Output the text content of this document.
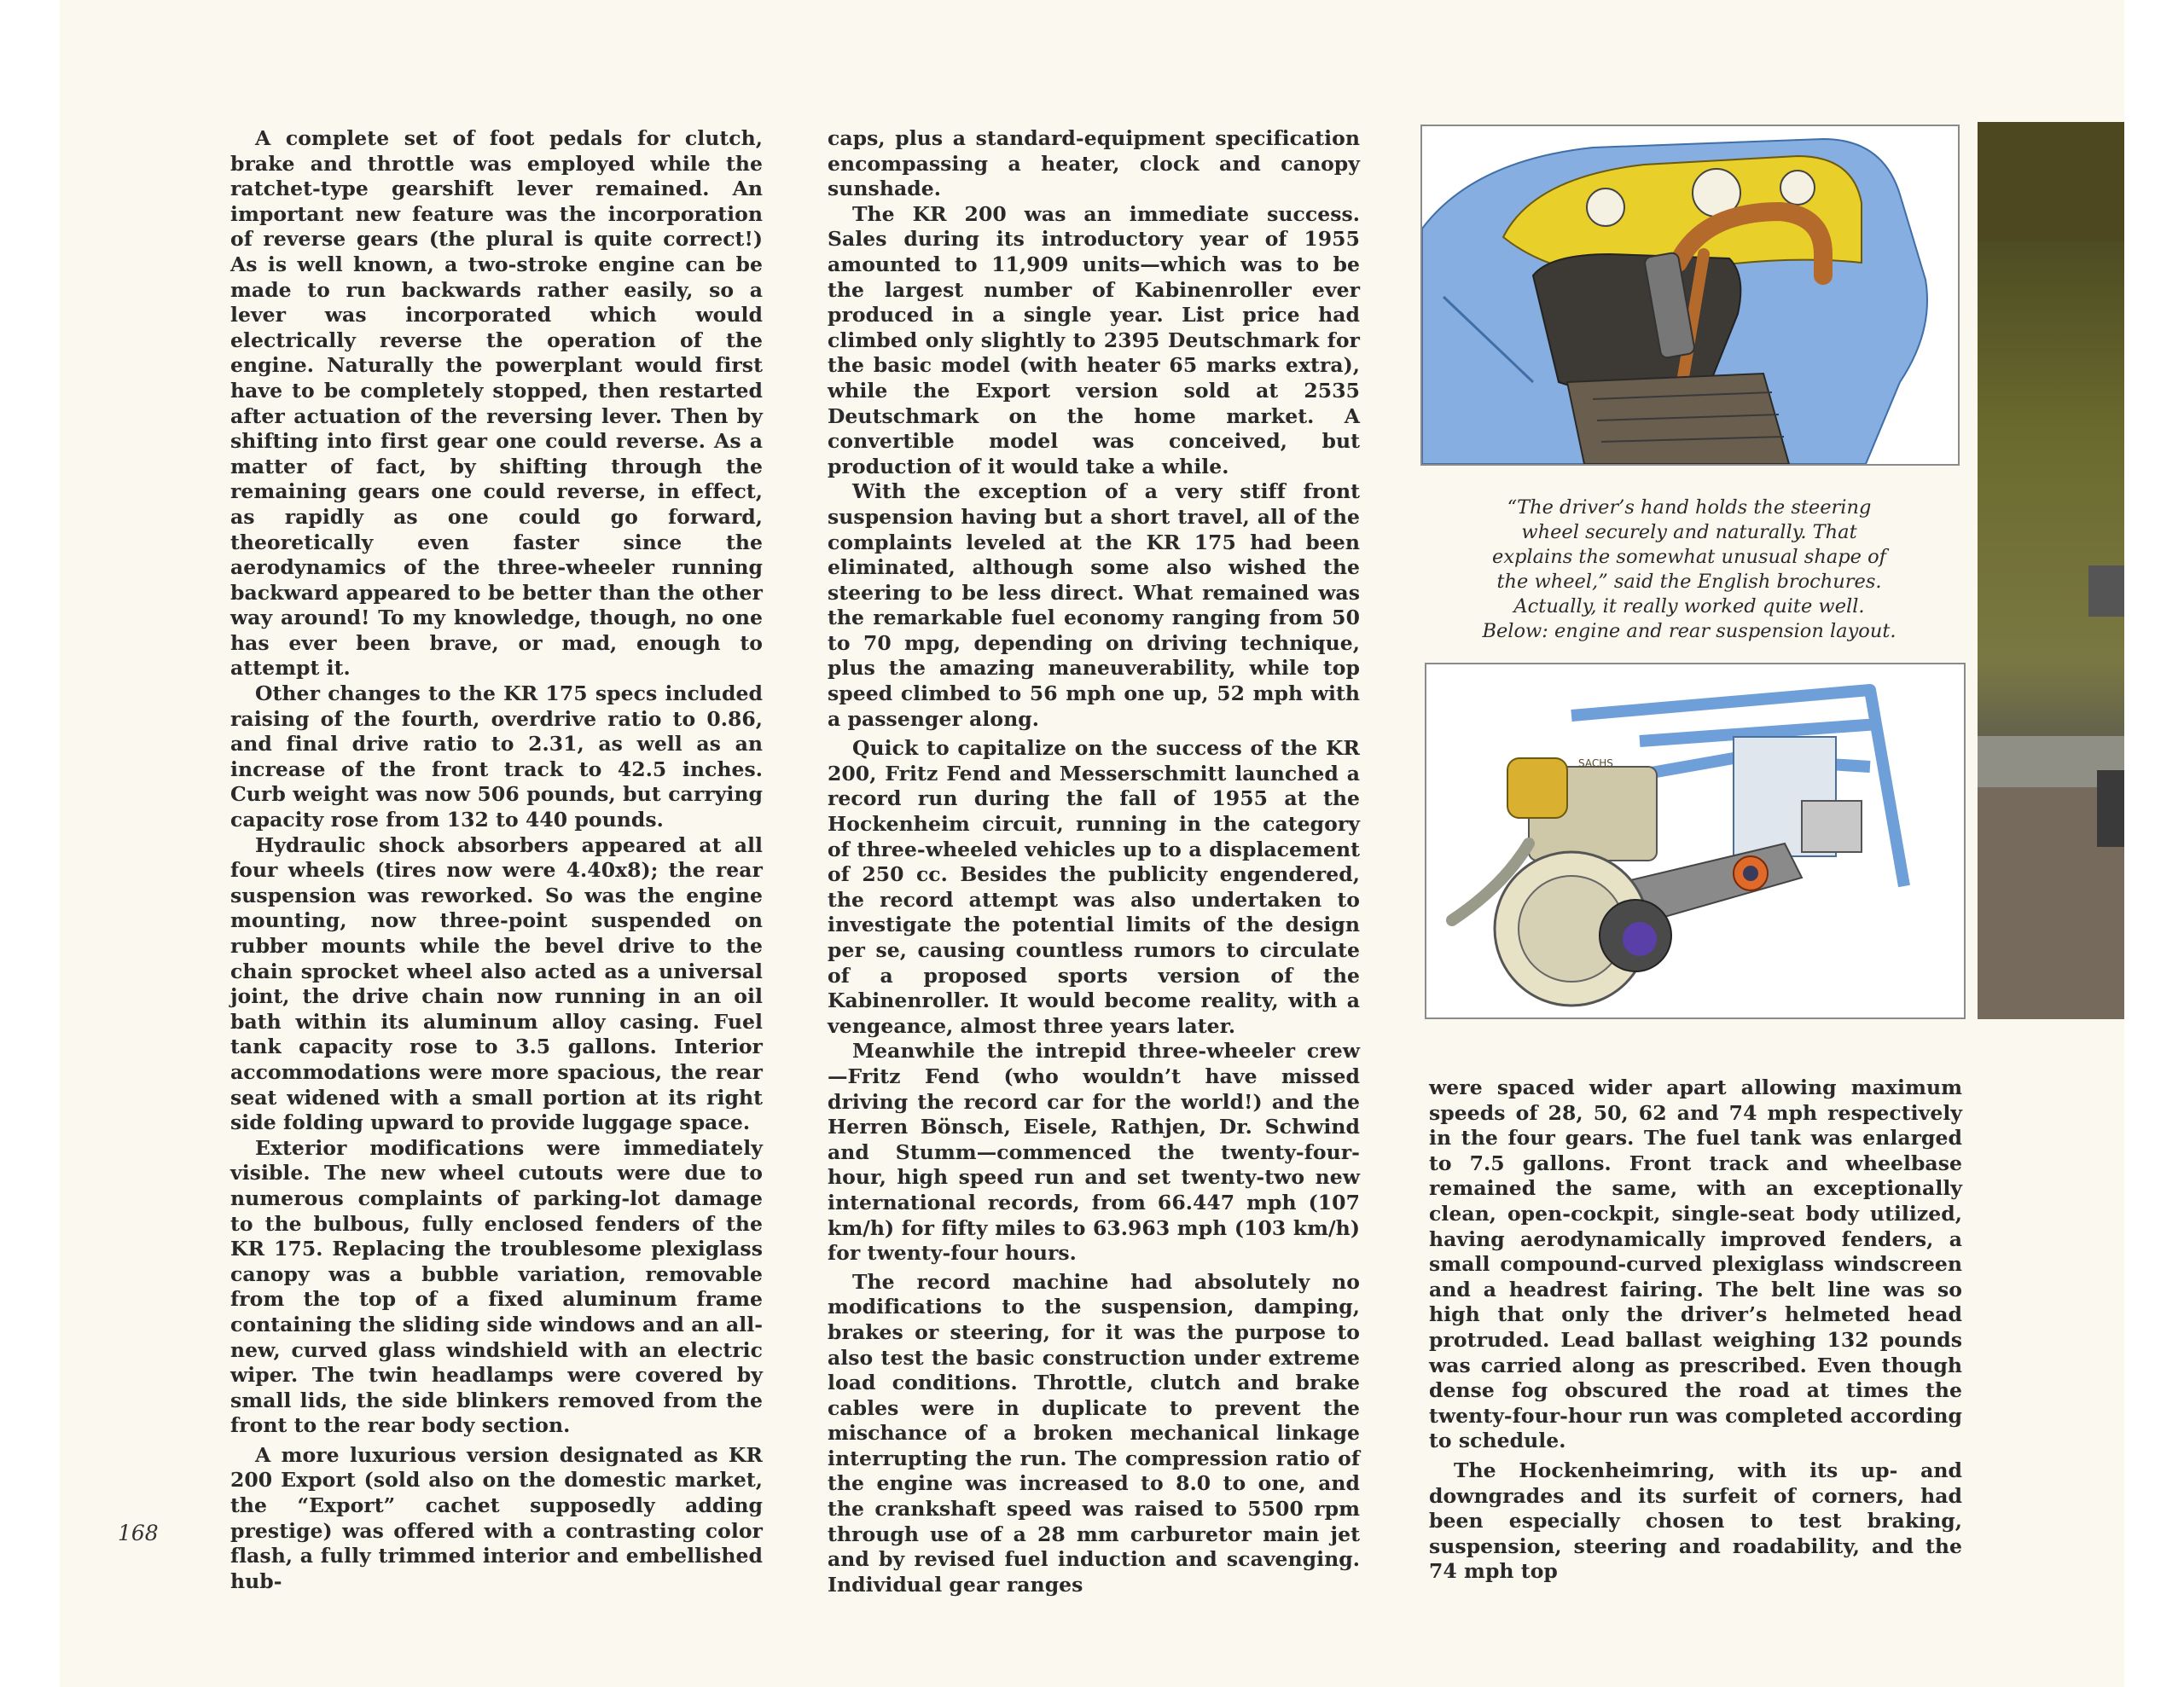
A complete set of foot pedals for clutch, brake and throttle was employed while the ratchet-type gearshift lever remained. An important new feature was the incorporation of reverse gears (the plural is quite correct!) As is well known, a two-stroke engine can be made to run backwards rather easily, so a lever was incorporated which would electrically reverse the operation of the engine. Naturally the powerplant would first have to be completely stopped, then restarted after actuation of the reversing lever. Then by shifting into first gear one could reverse. As a matter of fact, by shifting through the remaining gears one could reverse, in effect, as rapidly as one could go forward, theoretically even faster since the aerodynamics of the three-wheeler running backward appeared to be better than the other way around! To my knowledge, though, no one has ever been brave, or mad, enough to attempt it.

Other changes to the KR 175 specs included raising of the fourth, overdrive ratio to 0.86, and final drive ratio to 2.31, as well as an increase of the front track to 42.5 inches. Curb weight was now 506 pounds, but carrying capacity rose from 132 to 440 pounds.

Hydraulic shock absorbers appeared at all four wheels (tires now were 4.40x8); the rear suspension was reworked. So was the engine mounting, now three-point suspended on rubber mounts while the bevel drive to the chain sprocket wheel also acted as a universal joint, the drive chain now running in an oil bath within its aluminum alloy casing. Fuel tank capacity rose to 3.5 gallons. Interior accommodations were more spacious, the rear seat widened with a small portion at its right side folding upward to provide luggage space.

Exterior modifications were immediately visible. The new wheel cutouts were due to numerous complaints of parking-lot damage to the bulbous, fully enclosed fenders of the KR 175. Replacing the troublesome plexiglass canopy was a bubble variation, removable from the top of a fixed aluminum frame containing the sliding side windows and an all-new, curved glass windshield with an electric wiper. The twin headlamps were covered by small lids, the side blinkers removed from the front to the rear body section.

A more luxurious version designated as KR 200 Export (sold also on the domestic market, the “Export” cachet supposedly adding prestige) was offered with a contrasting color flash, a fully trimmed interior and embellished hub-

caps, plus a standard-equipment specification encompassing a heater, clock and canopy sunshade.

The KR 200 was an immediate success. Sales during its introductory year of 1955 amounted to 11,909 units—which was to be the largest number of Kabinenroller ever produced in a single year. List price had climbed only slightly to 2395 Deutschmark for the basic model (with heater 65 marks extra), while the Export version sold at 2535 Deutschmark on the home market. A convertible model was conceived, but production of it would take a while.

With the exception of a very stiff front suspension having but a short travel, all of the complaints leveled at the KR 175 had been eliminated, although some also wished the steering to be less direct. What remained was the remarkable fuel economy ranging from 50 to 70 mpg, depending on driving technique, plus the amazing maneuverability, while top speed climbed to 56 mph one up, 52 mph with a passenger along.

Quick to capitalize on the success of the KR 200, Fritz Fend and Messerschmitt launched a record run during the fall of 1955 at the Hockenheim circuit, running in the category of three-wheeled vehicles up to a displacement of 250 cc. Besides the publicity engendered, the record attempt was also undertaken to investigate the potential limits of the design per se, causing countless rumors to circulate of a proposed sports version of the Kabinenroller. It would become reality, with a vengeance, almost three years later.

Meanwhile the intrepid three-wheeler crew—Fritz Fend (who wouldn’t have missed driving the record car for the world!) and the Herren Bönsch, Eisele, Rathjen, Dr. Schwind and Stumm—commenced the twenty-four-hour, high speed run and set twenty-two new international records, from 66.447 mph (107 km/h) for fifty miles to 63.963 mph (103 km/h) for twenty-four hours.

The record machine had absolutely no modifications to the suspension, damping, brakes or steering, for it was the purpose to also test the basic construction under extreme load conditions. Throttle, clutch and brake cables were in duplicate to prevent the mischance of a broken mechanical linkage interrupting the run. The compression ratio of the engine was increased to 8.0 to one, and the crankshaft speed was raised to 5500 rpm through use of a 28 mm carburetor main jet and by revised fuel induction and scavenging. Individual gear ranges

were spaced wider apart allowing maximum speeds of 28, 50, 62 and 74 mph respectively in the four gears. The fuel tank was enlarged to 7.5 gallons. Front track and wheelbase remained the same, with an exceptionally clean, open-cockpit, single-seat body utilized, having aerodynamically improved fenders, a small compound-curved plexiglass windscreen and a headrest fairing. The belt line was so high that only the driver’s helmeted head protruded. Lead ballast weighing 132 pounds was carried along as prescribed. Even though dense fog obscured the road at times the twenty-four-hour run was completed according to schedule.

The Hockenheimring, with its up- and downgrades and its surfeit of corners, had been especially chosen to test braking, suspension, steering and roadability, and the 74 mph top

168
“The driver’s hand holds the steering
wheel securely and naturally. That
explains the somewhat unusual shape of
the wheel,” said the English brochures.
Actually, it really worked quite well.
Below: engine and rear suspension layout.
SACHS
